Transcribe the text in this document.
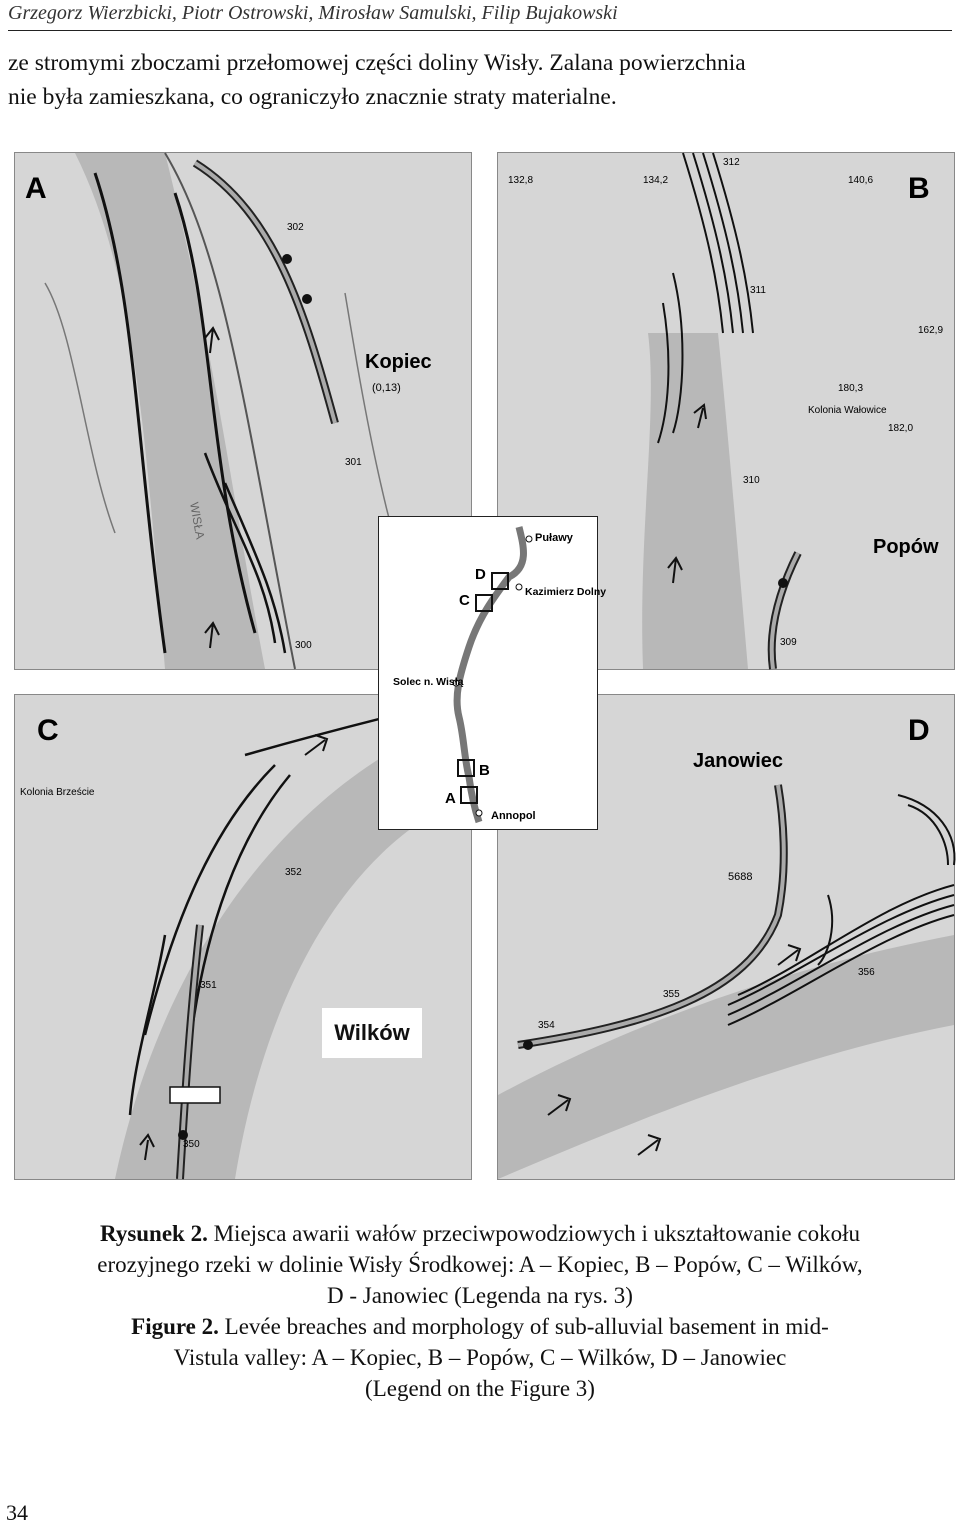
Grzegorz Wierzbicki, Piotr Ostrowski, Mirosław Samulski, Filip Bujakowski
ze stromymi zboczami przełomowej części doliny Wisły. Zalana powierzchnia
nie była zamieszkana, co ograniczyło znacznie straty materialne.
A
Kopiec
(0,13)
302
301
300
WISŁA
B
Popów
312
311
310
309
132,8	134,2	140,6
162,9
182,0
180,3
Kolonia Wałowice
C
352
351
350
Kolonia Brzeście
Wilków
D
Janowiec
356
355
354
5688
Puławy
Kazimierz Dolny
Solec n. Wisłą
Annopol
D
C
B
A
Rysunek 2. Miejsca awarii wałów przeciwpowodziowych i ukształtowanie cokołu
erozyjnego rzeki w dolinie Wisły Środkowej: A – Kopiec, B – Popów, C – Wilków,
D - Janowiec (Legenda na rys. 3)
Figure 2. Levée breaches and morphology of sub-alluvial basement in mid-
Vistula valley: A – Kopiec, B – Popów, C – Wilków, D – Janowiec
(Legend on the Figure 3)
34
